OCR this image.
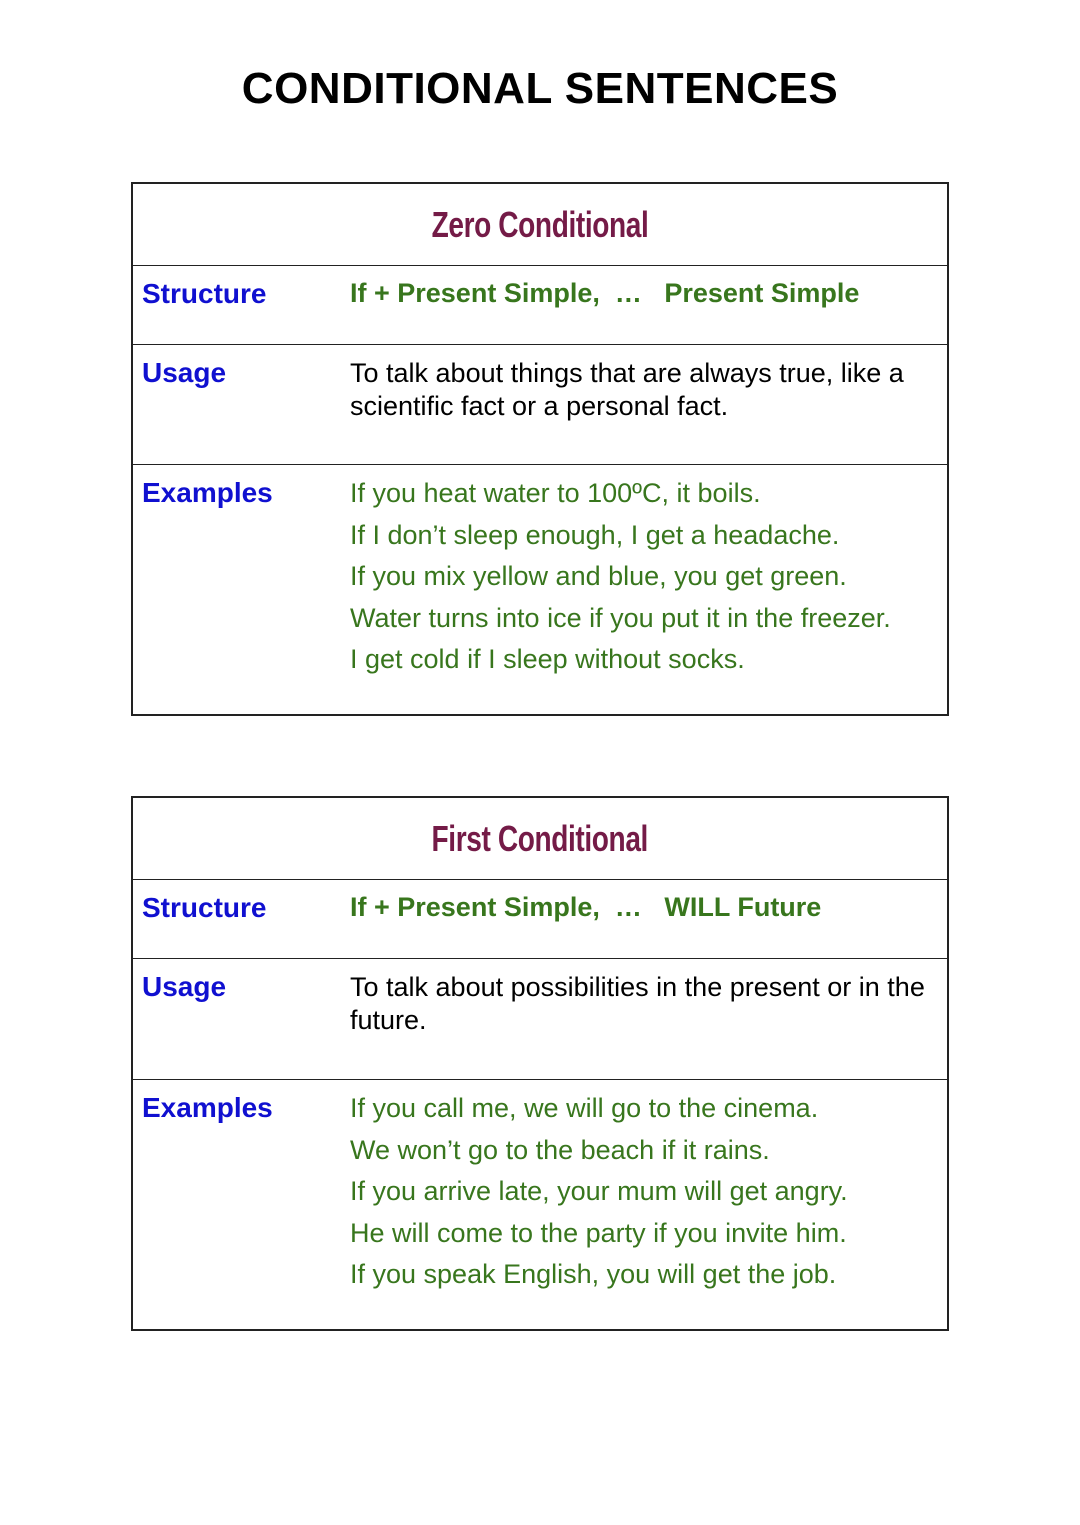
CONDITIONAL SENTENCES
Zero Conditional
Structure	If + Present Simple,  …   Present Simple
Usage	To talk about things that are always true, like a scientific fact or a personal fact.
Examples	If you heat water to 100ºC, it boils.
If I don’t sleep enough, I get a headache.
If you mix yellow and blue, you get green.
Water turns into ice if you put it in the freezer.
I get cold if I sleep without socks.
First Conditional
Structure	If + Present Simple,  …   WILL Future
Usage	To talk about possibilities in the present or in the future.
Examples	If you call me, we will go to the cinema.
We won’t go to the beach if it rains.
If you arrive late, your mum will get angry.
He will come to the party if you invite him.
If you speak English, you will get the job.
